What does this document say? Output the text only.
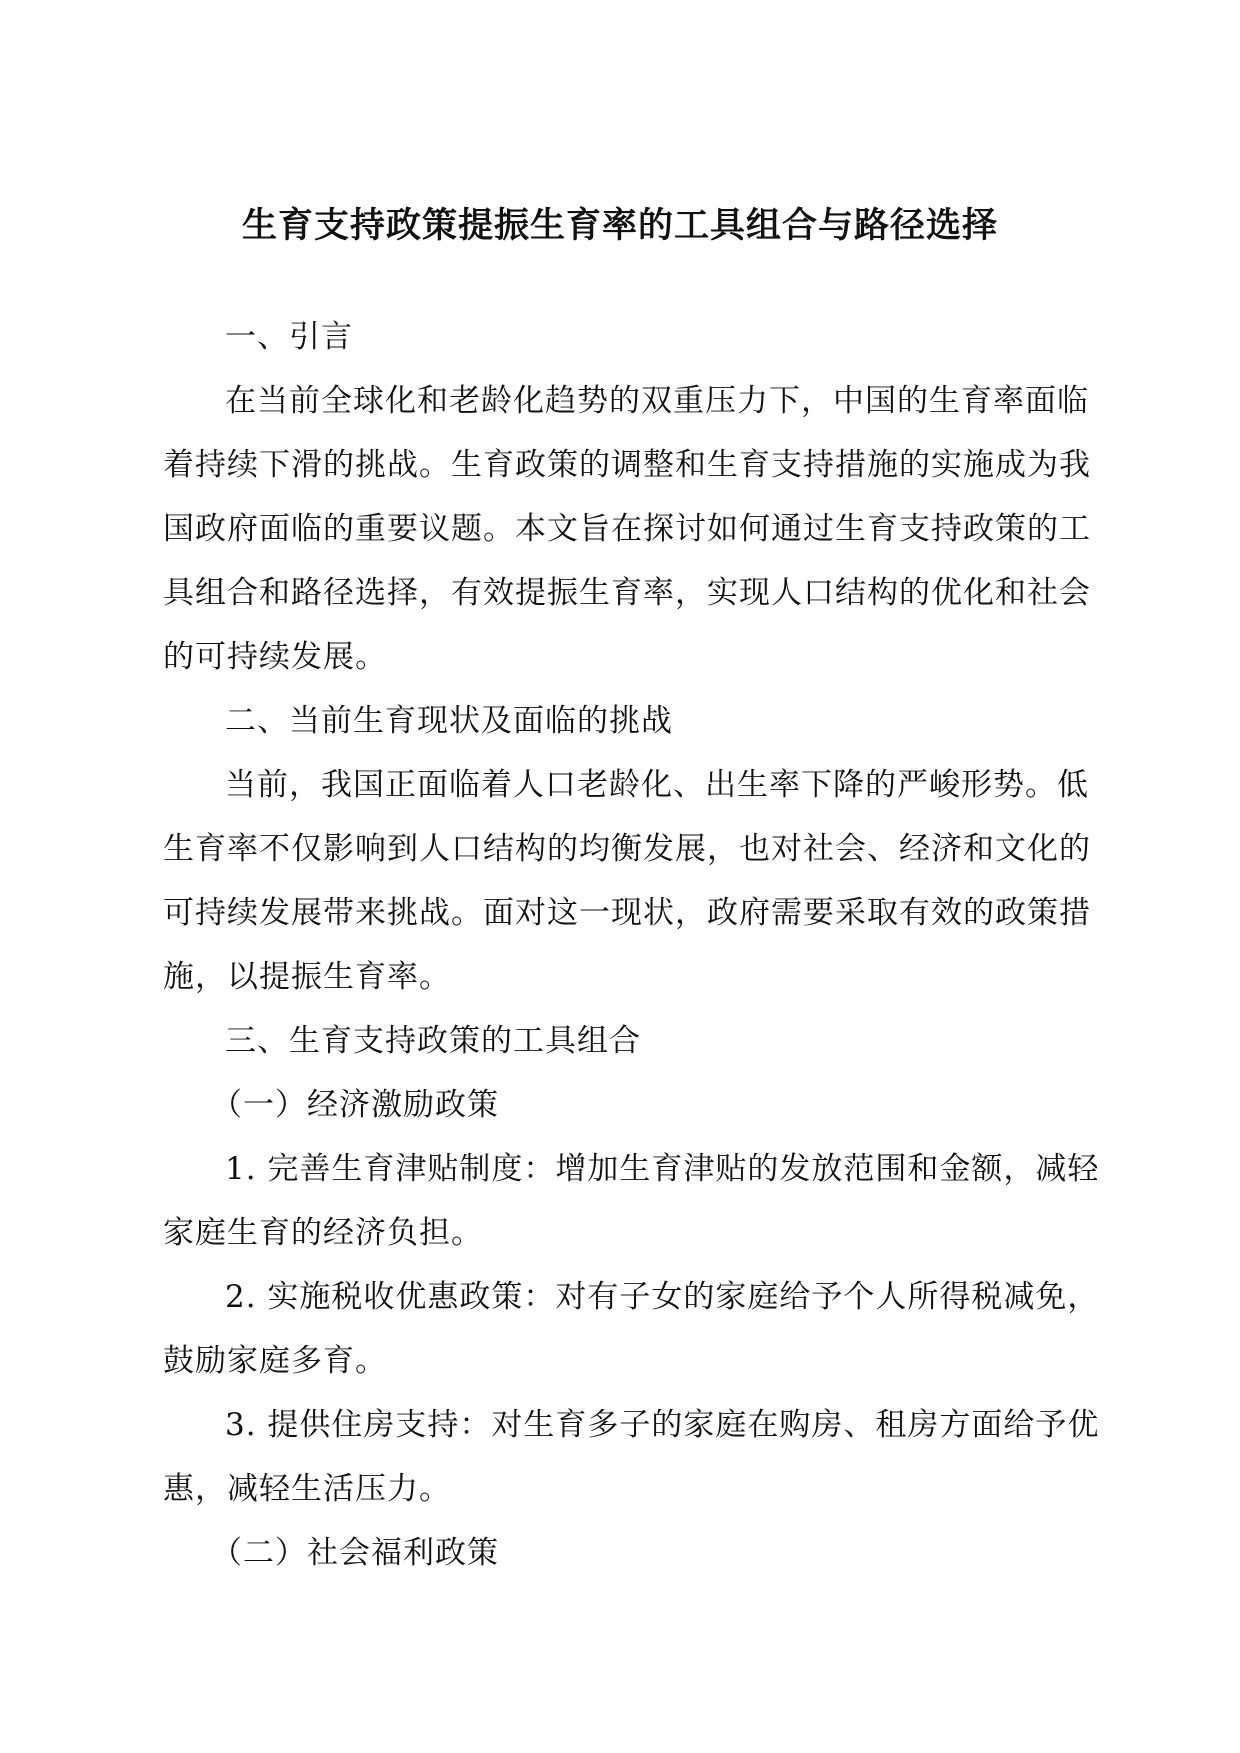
生育支持政策提振生育率的工具组合与路径选择

一、引言

在当前全球化和老龄化趋势的双重压力下，中国的生育率面临着持续下滑的挑战。生育政策的调整和生育支持措施的实施成为我国政府面临的重要议题。本文旨在探讨如何通过生育支持政策的工具组合和路径选择，有效提振生育率，实现人口结构的优化和社会的可持续发展。

二、当前生育现状及面临的挑战

当前，我国正面临着人口老龄化、出生率下降的严峻形势。低生育率不仅影响到人口结构的均衡发展，也对社会、经济和文化的可持续发展带来挑战。面对这一现状，政府需要采取有效的政策措施，以提振生育率。

三、生育支持政策的工具组合

（一）经济激励政策

1. 完善生育津贴制度：增加生育津贴的发放范围和金额，减轻家庭生育的经济负担。

2. 实施税收优惠政策：对有子女的家庭给予个人所得税减免，鼓励家庭多育。

3. 提供住房支持：对生育多子的家庭在购房、租房方面给予优惠，减轻生活压力。

（二）社会福利政策
